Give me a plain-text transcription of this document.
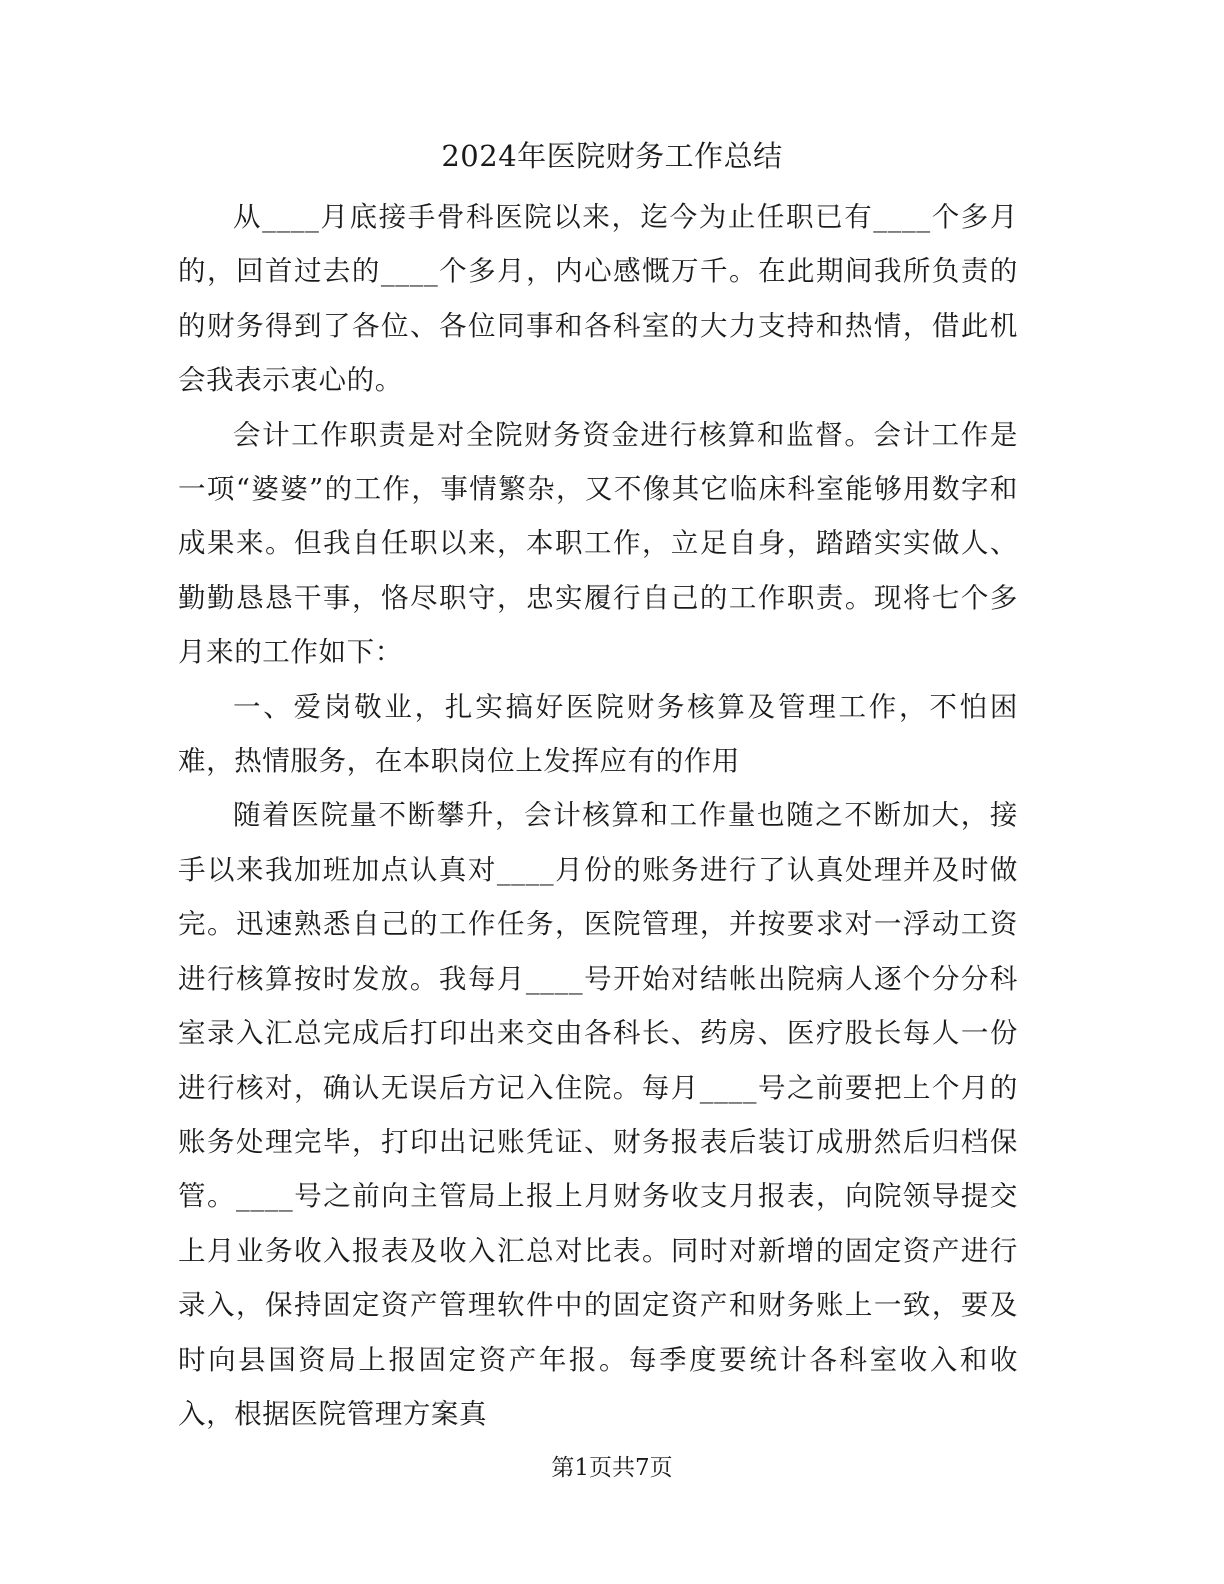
2024年医院财务工作总结

从____月底接手骨科医院以来，迄今为止任职已有____个多月的，回首过去的____个多月，内心感慨万千。在此期间我所负责的的财务得到了各位、各位同事和各科室的大力支持和热情，借此机会我表示衷心的。

会计工作职责是对全院财务资金进行核算和监督。会计工作是一项“婆婆”的工作，事情繁杂，又不像其它临床科室能够用数字和成果来。但我自任职以来，本职工作，立足自身，踏踏实实做人、勤勤恳恳干事，恪尽职守，忠实履行自己的工作职责。现将七个多月来的工作如下：

一、爱岗敬业，扎实搞好医院财务核算及管理工作，不怕困难，热情服务，在本职岗位上发挥应有的作用

随着医院量不断攀升，会计核算和工作量也随之不断加大，接手以来我加班加点认真对____月份的账务进行了认真处理并及时做完。迅速熟悉自己的工作任务，医院管理，并按要求对一浮动工资进行核算按时发放。我每月____号开始对结帐出院病人逐个分分科室录入汇总完成后打印出来交由各科长、药房、医疗股长每人一份进行核对，确认无误后方记入住院。每月____号之前要把上个月的账务处理完毕，打印出记账凭证、财务报表后装订成册然后归档保管。____号之前向主管局上报上月财务收支月报表，向院领导提交上月业务收入报表及收入汇总对比表。同时对新增的固定资产进行录入，保持固定资产管理软件中的固定资产和财务账上一致，要及时向县国资局上报固定资产年报。每季度要统计各科室收入和收入，根据医院管理方案真

第1页共7页
